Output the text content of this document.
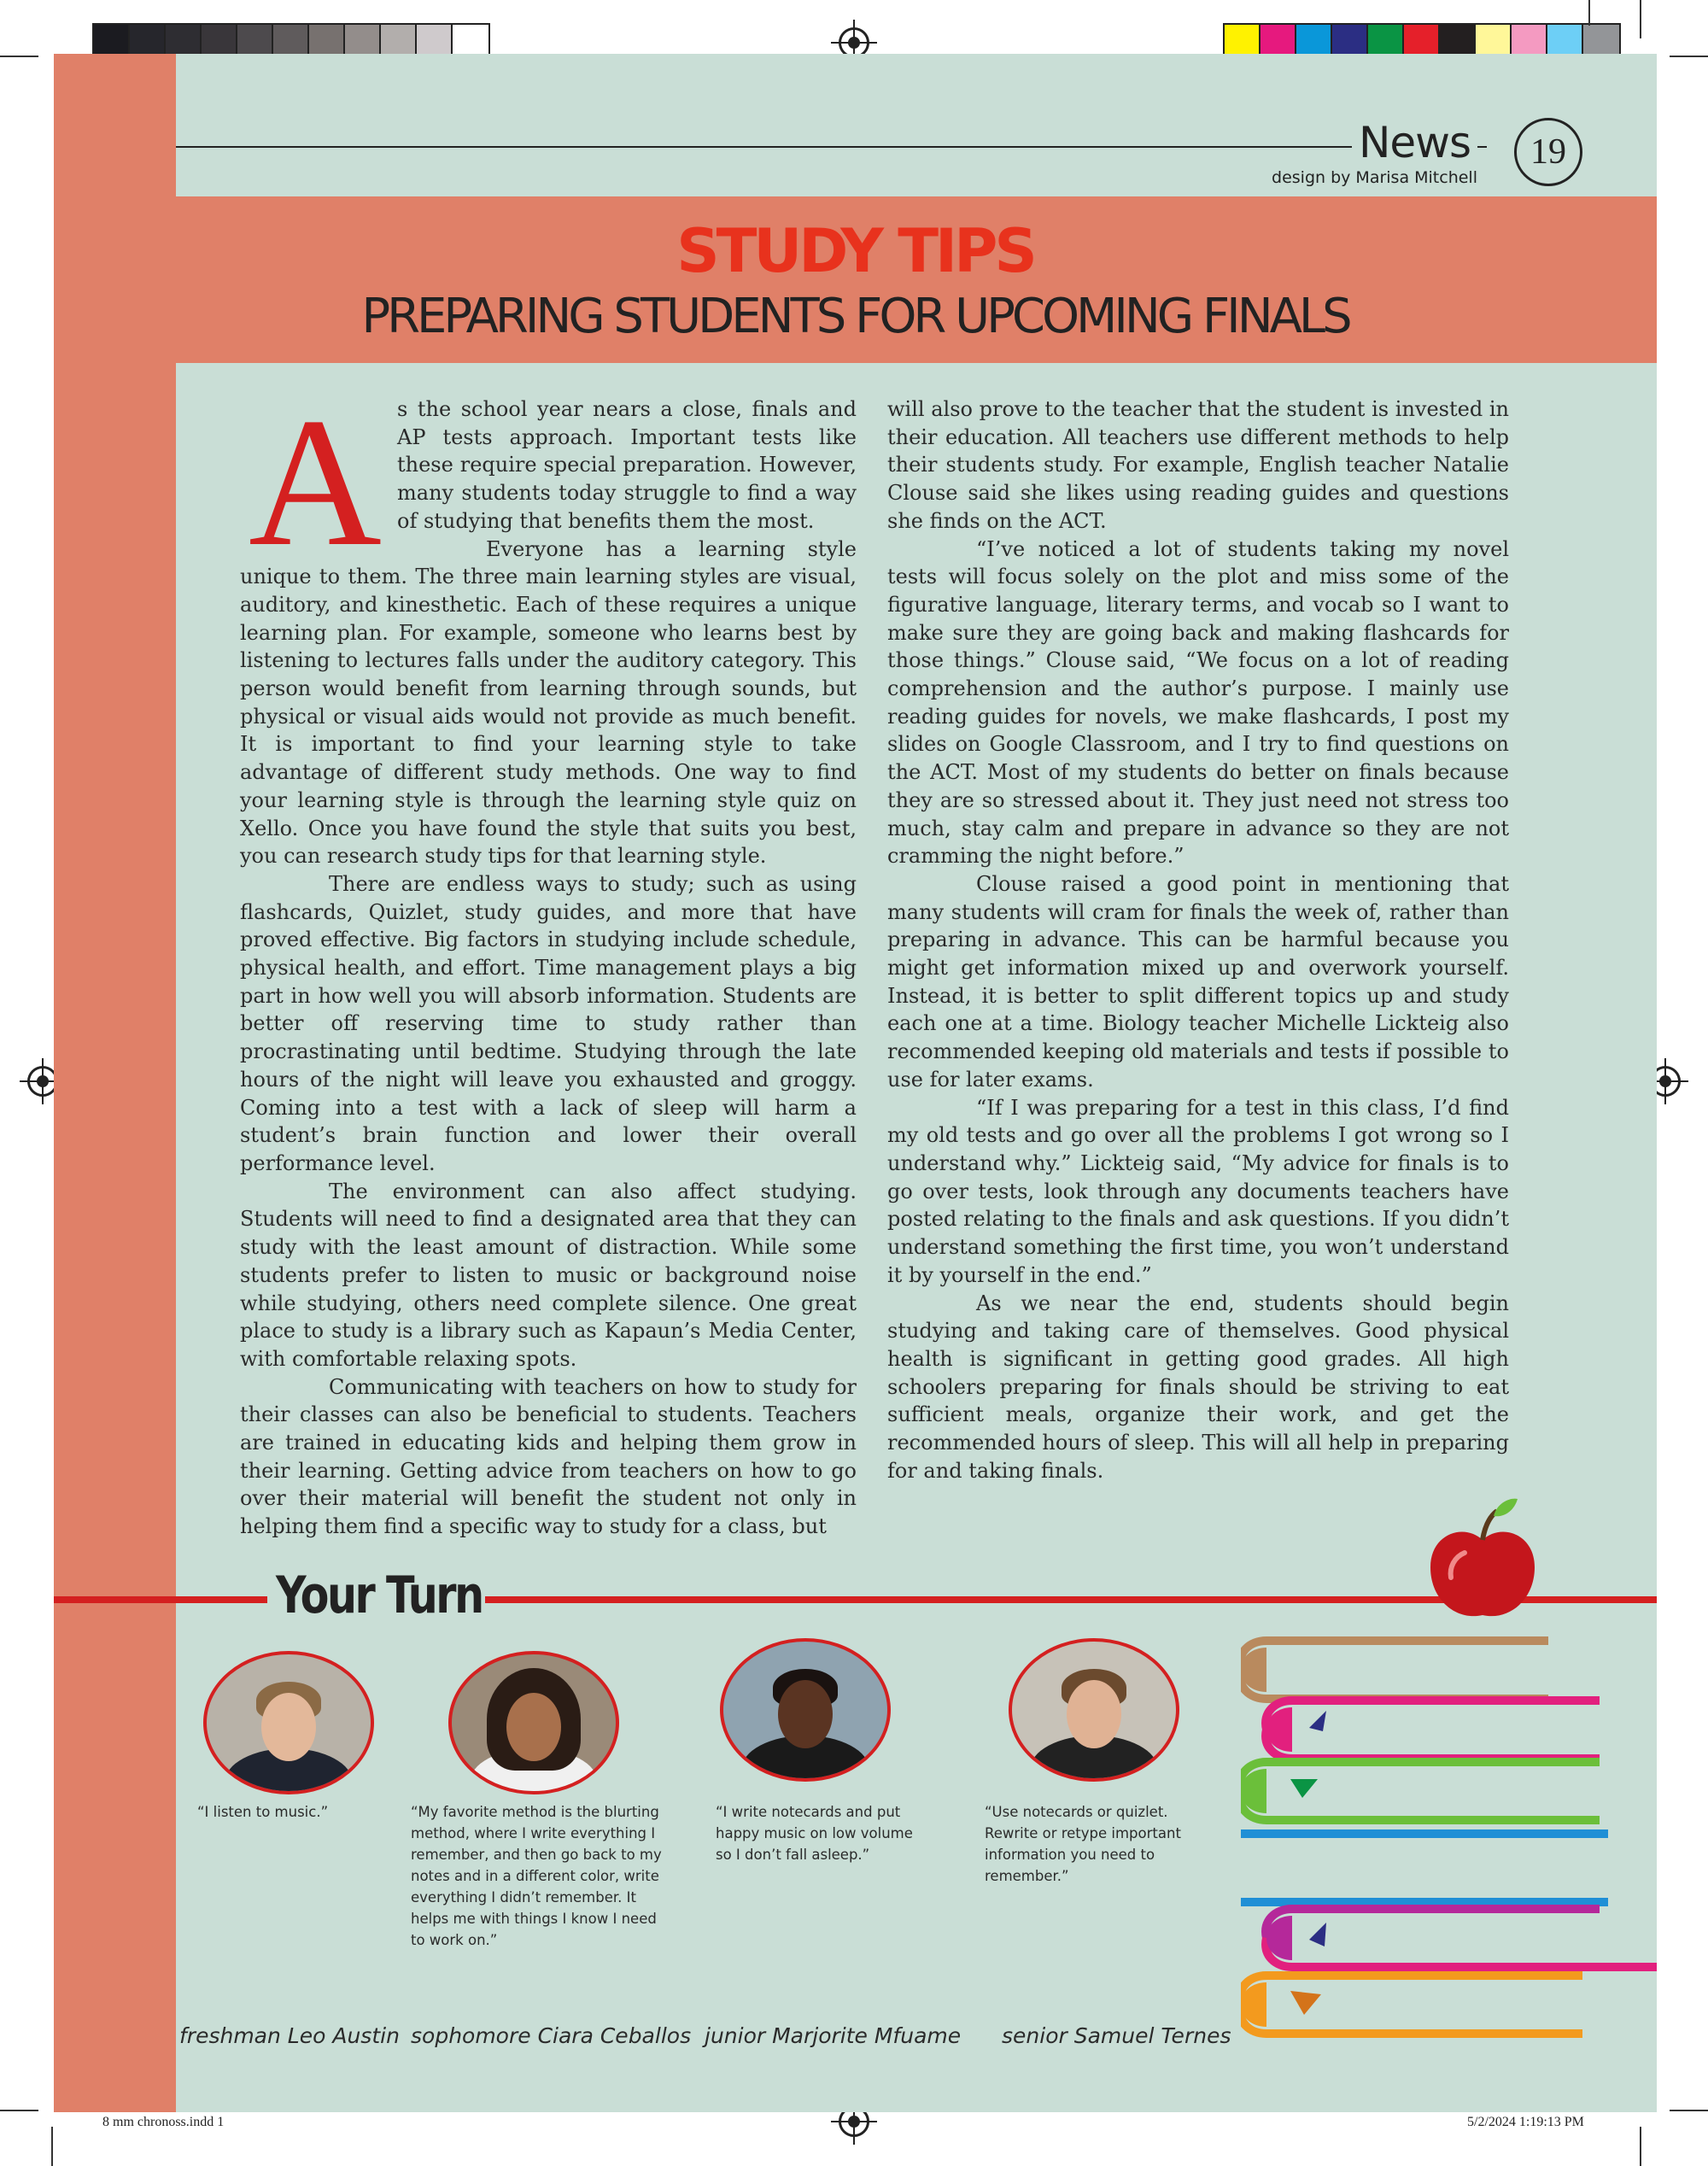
8 mm chronoss.indd 1	5/2/2024 1:19:13 PM
News	19
design by Marisa Mitchell
STUDY TIPS
PREPARING STUDENTS FOR UPCOMING FINALS
A s the school year nears a close, finals and AP tests approach. Important tests like these require special preparation. However, many students today struggle to find a way of studying that benefits them the most.

Everyone has a learning style unique to them. The three main learning styles are visual, auditory, and kinesthetic. Each of these requires a unique learning plan. For example, someone who learns best by listening to lectures falls under the auditory category. This person would benefit from learning through sounds, but physical or visual aids would not provide as much benefit. It is important to find your learning style to take advantage of different study methods. One way to find your learning style is through the learning style quiz on Xello. Once you have found the style that suits you best, you can research study tips for that learning style.

There are endless ways to study; such as using flashcards, Quizlet, study guides, and more that have proved effective. Big factors in studying include schedule, physical health, and effort. Time management plays a big part in how well you will absorb information. Students are better off reserving time to study rather than procrastinating until bedtime. Studying through the late hours of the night will leave you exhausted and groggy. Coming into a test with a lack of sleep will harm a student’s brain function and lower their overall performance level.

The environment can also affect studying. Students will need to find a designated area that they can study with the least amount of distraction. While some students prefer to listen to music or background noise while studying, others need complete silence. One great place to study is a library such as Kapaun’s Media Center, with comfortable relaxing spots.

Communicating with teachers on how to study for their classes can also be beneficial to students. Teachers are trained in educating kids and helping them grow in their learning. Getting advice from teachers on how to go over their material will benefit the student not only in helping them find a specific way to study for a class, but

will also prove to the teacher that the student is invested in their education. All teachers use different methods to help their students study. For example, English teacher Natalie Clouse said she likes using reading guides and questions she finds on the ACT.

“I’ve noticed a lot of students taking my novel tests will focus solely on the plot and miss some of the figurative language, literary terms, and vocab so I want to make sure they are going back and making flashcards for those things.” Clouse said, “We focus on a lot of reading comprehension and the author’s purpose. I mainly use reading guides for novels, we make flashcards, I post my slides on Google Classroom, and I try to find questions on the ACT. Most of my students do better on finals because they are so stressed about it. They just need not stress too much, stay calm and prepare in advance so they are not cramming the night before.”

Clouse raised a good point in mentioning that many students will cram for finals the week of, rather than preparing in advance. This can be harmful because you might get information mixed up and overwork yourself. Instead, it is better to split different topics up and study each one at a time. Biology teacher Michelle Lickteig also recommended keeping old materials and tests if possible to use for later exams.

“If I was preparing for a test in this class, I’d find my old tests and go over all the problems I got wrong so I understand why.” Lickteig said, “My advice for finals is to go over tests, look through any documents teachers have posted relating to the finals and ask questions. If you didn’t understand something the first time, you won’t understand it by yourself in the end.”

As we near the end, students should begin studying and taking care of themselves. Good physical health is significant in getting good grades. All high schoolers preparing for finals should be striving to eat sufficient meals, organize their work, and get the recommended hours of sleep. This will all help in preparing for and taking finals.

Your Turn
“I listen to music.”	“My favorite method is the blurting method, where I write everything I remember, and then go back to my notes and in a different color, write everything I didn’t remember. It helps me with things I know I need to work on.”
“I write notecards and put happy music on low volume so I don’t fall asleep.”
“Use notecards or quizlet. Rewrite or retype important information you need to remember.”
freshman Leo Austin sophomore Ciara Ceballos junior Marjorite Mfuame senior Samuel Ternes
